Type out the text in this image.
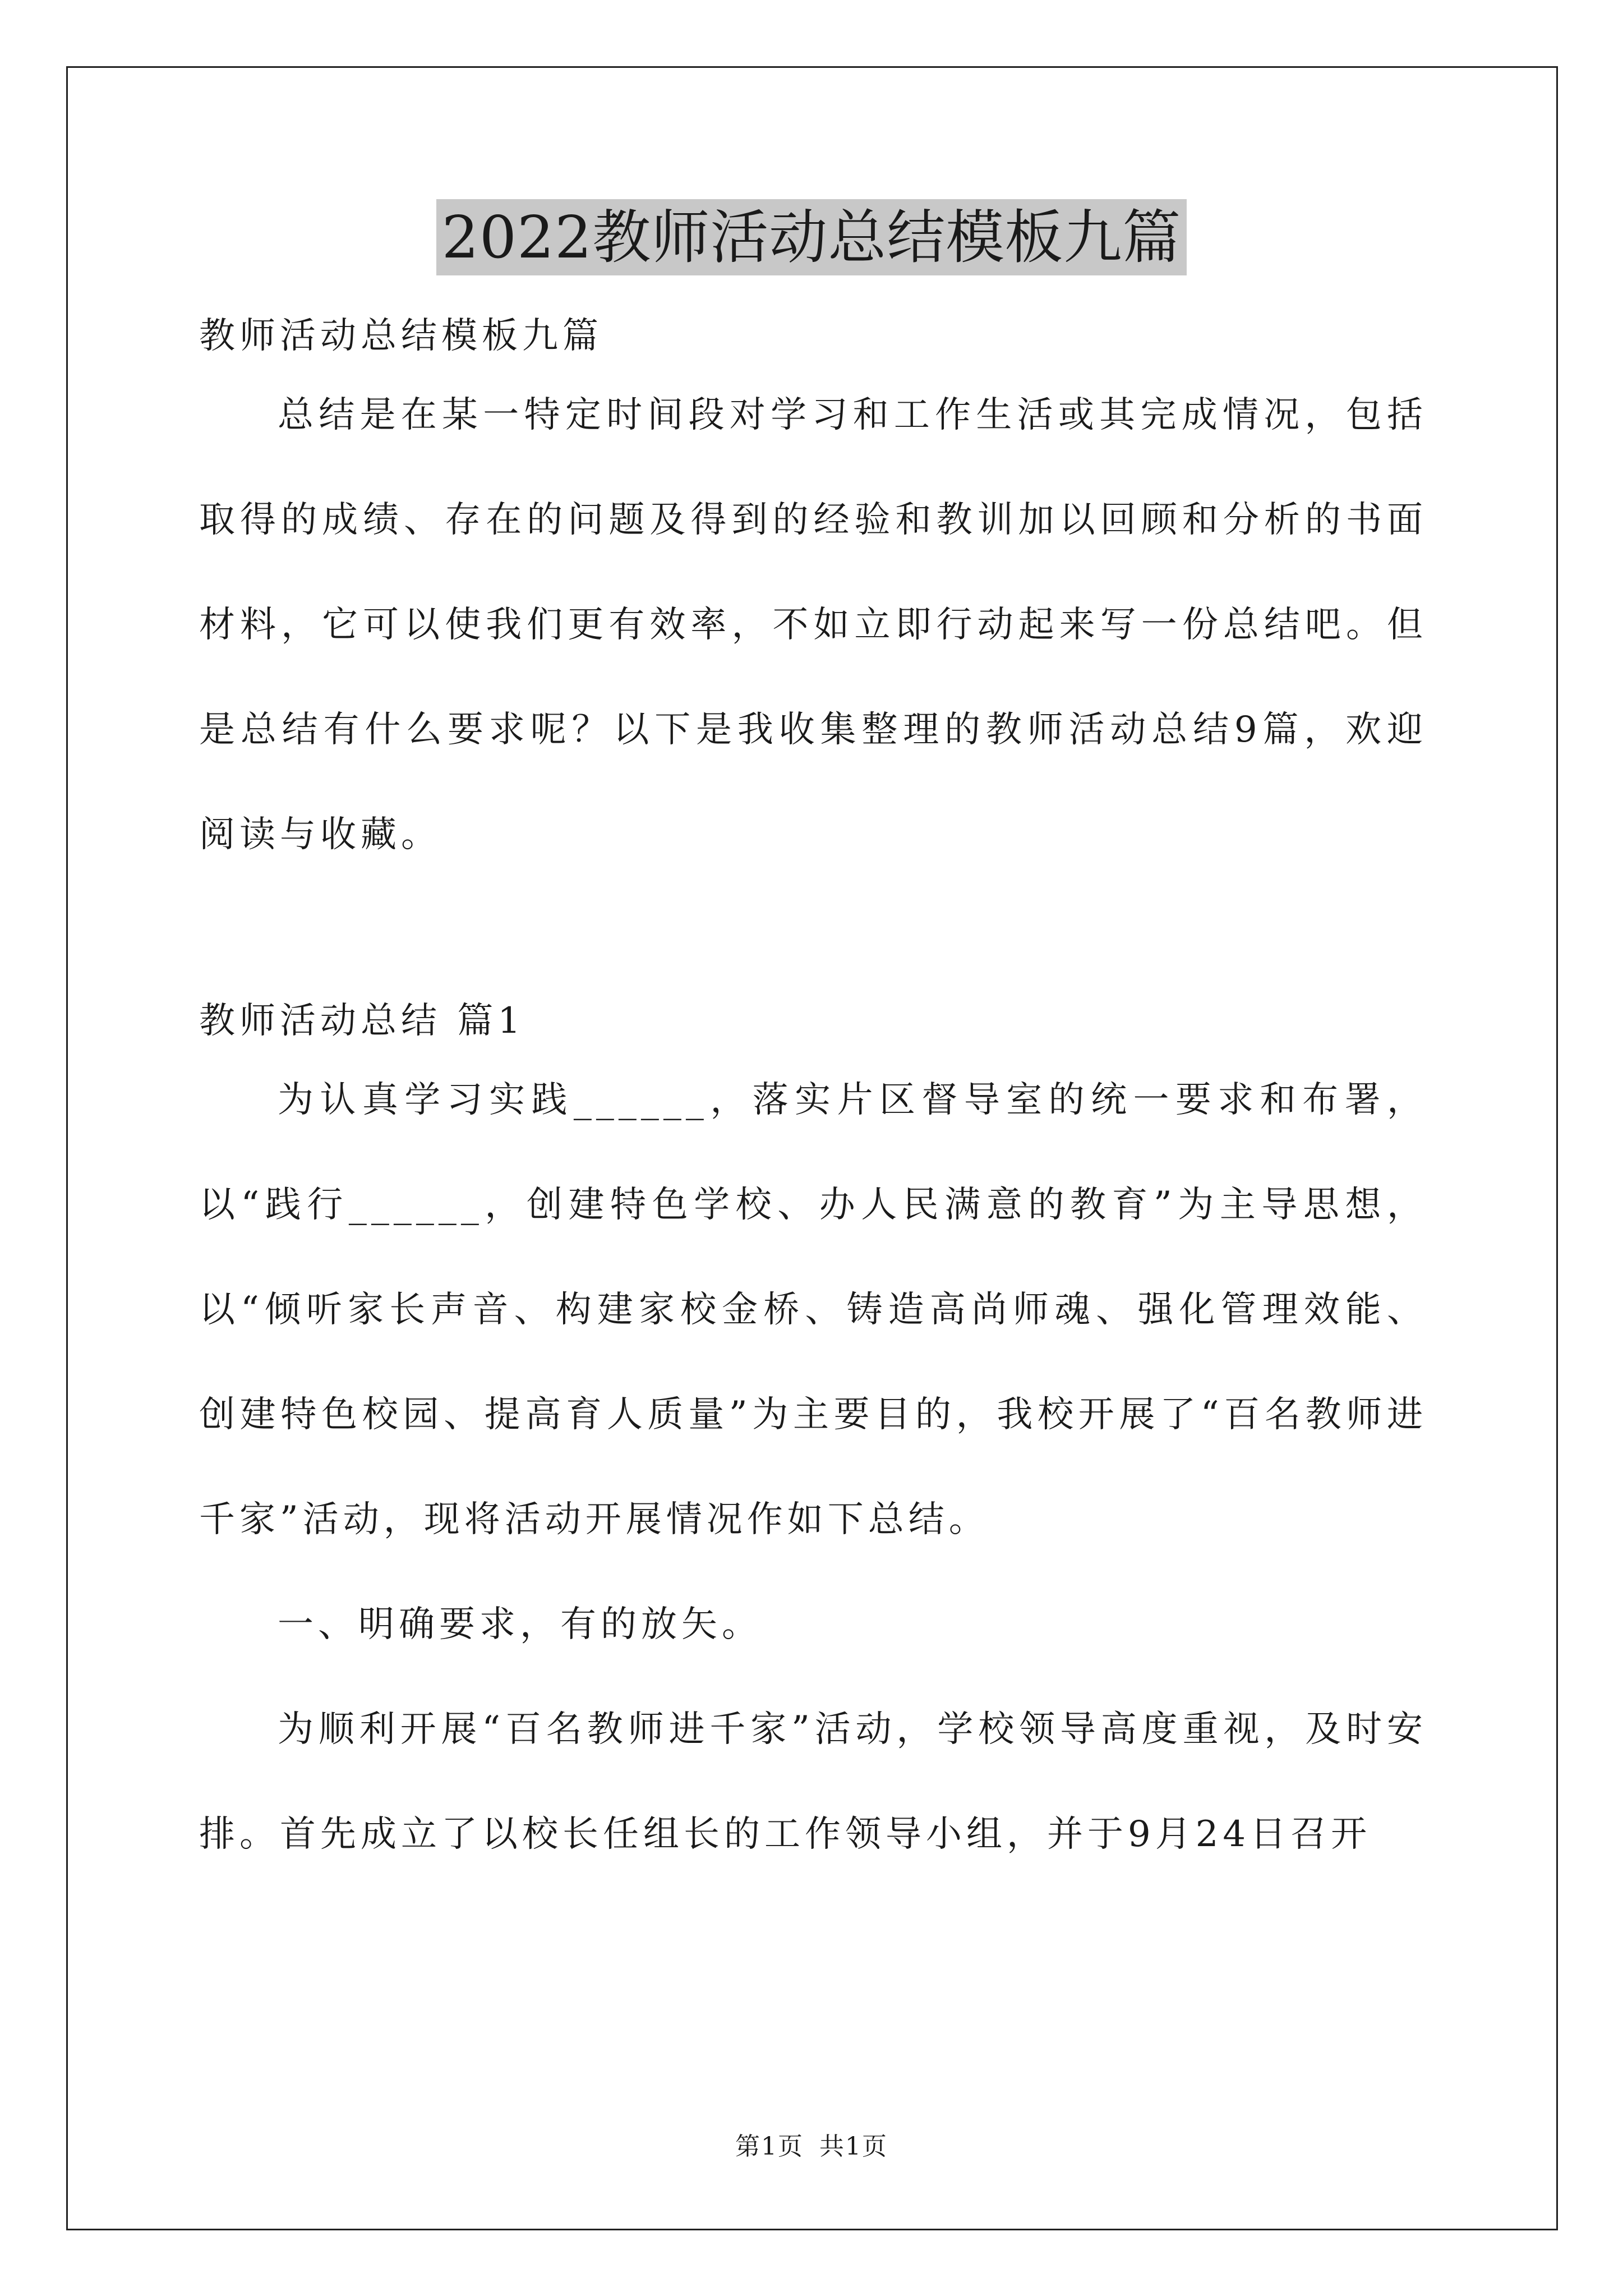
2022教师活动总结模板九篇

教师活动总结模板九篇

总结是在某一特定时间段对学习和工作生活或其完成情况，包括取得的成绩、存在的问题及得到的经验和教训加以回顾和分析的书面材料，它可以使我们更有效率，不如立即行动起来写一份总结吧。但是总结有什么要求呢？以下是我收集整理的教师活动总结9篇，欢迎阅读与收藏。

教师活动总结 篇1

为认真学习实践______，落实片区督导室的统一要求和布署，以“践行______，创建特色学校、办人民满意的教育”为主导思想，以“倾听家长声音、构建家校金桥、铸造高尚师魂、强化管理效能、创建特色校园、提高育人质量”为主要目的，我校开展了“百名教师进千家”活动，现将活动开展情况作如下总结。

一、明确要求，有的放矢。

为顺利开展“百名教师进千家”活动，学校领导高度重视，及时安排。首先成立了以校长任组长的工作领导小组，并于9月24日召开

第1页 共1页
